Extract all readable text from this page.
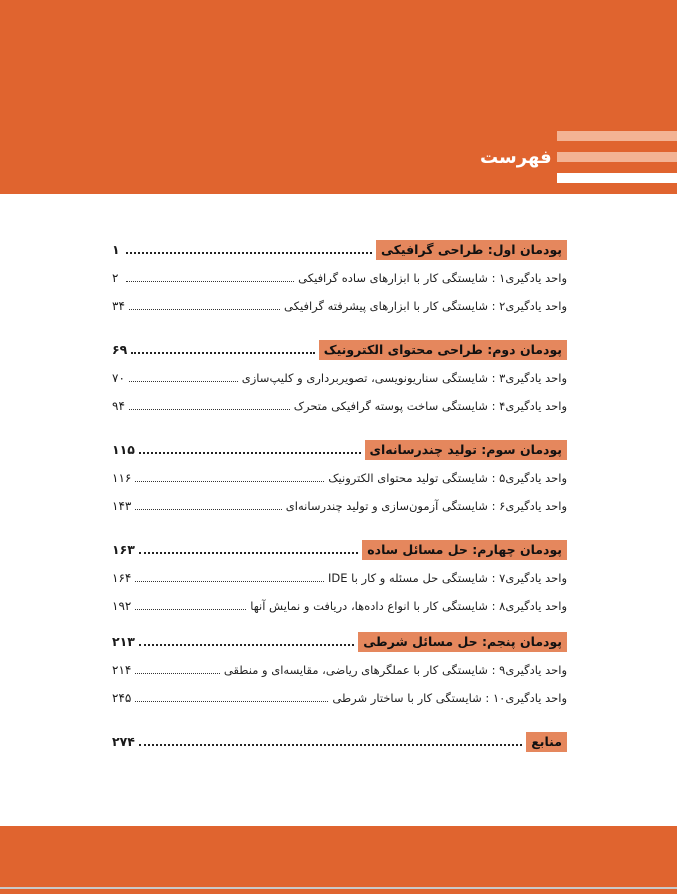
فهرست
پودمان اول: طراحی گرافیکی
۱
واحد یادگیری۱ : شایستگی کار با ابزارهای ساده گرافیکی
۲
واحد یادگیری۲ : شایستگی کار با ابزارهای پیشرفته گرافیکی
۳۴
پودمان دوم: طراحی محتوای الکترونیک
۶۹
واحد یادگیری۳ : شایستگی سناریونویسی، تصویربرداری و کلیپ‌سازی
۷۰
واحد یادگیری۴ : شایستگی ساخت پوسته گرافیکی متحرک
۹۴
پودمان سوم: تولید چندرسانه‌ای
۱۱۵
واحد یادگیری۵ : شایستگی تولید محتوای الکترونیک
۱۱۶
واحد یادگیری۶ : شایستگی آزمون‌سازی و تولید چندرسانه‌ای
۱۴۳
پودمان چهارم: حل مسائل ساده
۱۶۳
واحد یادگیری۷ : شایستگی حل مسئله و کار با IDE
۱۶۴
واحد یادگیری۸ : شایستگی کار با انواع داده‌ها، دریافت و نمایش آنها
۱۹۲
پودمان پنجم: حل مسائل شرطی
۲۱۳
واحد یادگیری۹ : شایستگی کار با عملگرهای ریاضی، مقایسه‌ای و منطقی
۲۱۴
واحد یادگیری۱۰ : شایستگی کار با ساختار شرطی
۲۴۵
منابع
۲۷۴
